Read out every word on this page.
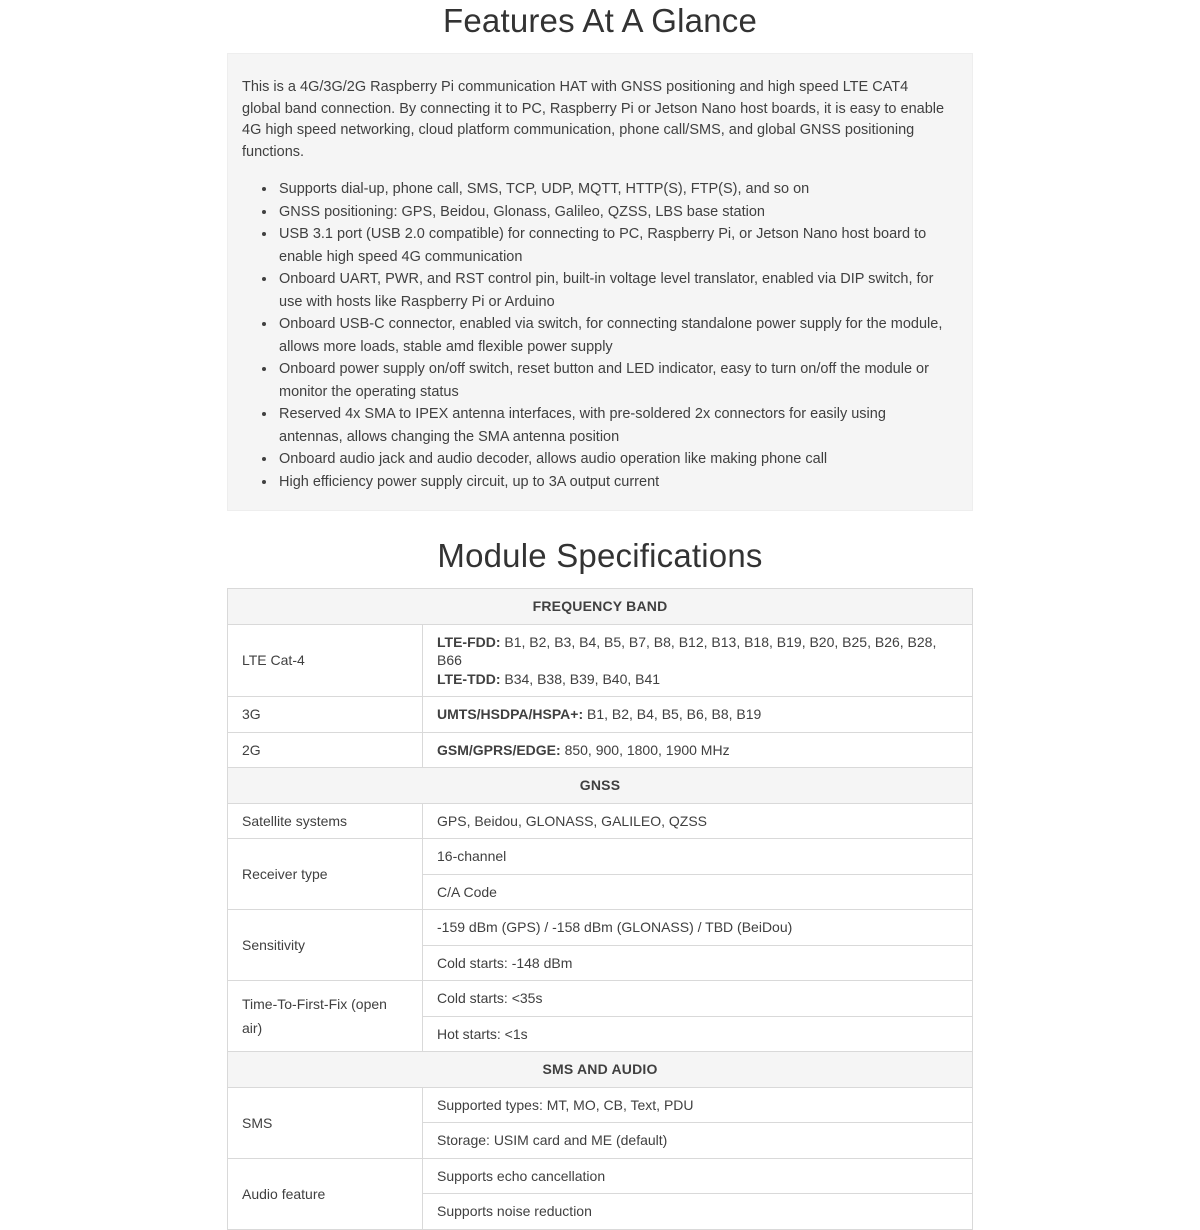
Features At A Glance

This is a 4G/3G/2G Raspberry Pi communication HAT with GNSS positioning and high speed LTE CAT4 global band connection. By connecting it to PC, Raspberry Pi or Jetson Nano host boards, it is easy to enable 4G high speed networking, cloud platform communication, phone call/SMS, and global GNSS positioning functions.

• Supports dial-up, phone call, SMS, TCP, UDP, MQTT, HTTP(S), FTP(S), and so on
• GNSS positioning: GPS, Beidou, Glonass, Galileo, QZSS, LBS base station
• USB 3.1 port (USB 2.0 compatible) for connecting to PC, Raspberry Pi, or Jetson Nano host board to enable high speed 4G communication
• Onboard UART, PWR, and RST control pin, built-in voltage level translator, enabled via DIP switch, for use with hosts like Raspberry Pi or Arduino
• Onboard USB-C connector, enabled via switch, for connecting standalone power supply for the module, allows more loads, stable amd flexible power supply
• Onboard power supply on/off switch, reset button and LED indicator, easy to turn on/off the module or monitor the operating status
• Reserved 4x SMA to IPEX antenna interfaces, with pre-soldered 2x connectors for easily using antennas, allows changing the SMA antenna position
• Onboard audio jack and audio decoder, allows audio operation like making phone call
• High efficiency power supply circuit, up to 3A output current
Module Specifications
FREQUENCY BAND	
LTE Cat-4	LTE-FDD: B1, B2, B3, B4, B5, B7, B8, B12, B13, B18, B19, B20, B25, B26, B28, B66
LTE-TDD: B34, B38, B39, B40, B41

3G	UMTS/HSDPA/HSPA+: B1, B2, B4, B5, B6, B8, B19
2G	GSM/GPRS/EDGE: 850, 900, 1800, 1900 MHz
GNSS	
Satellite systems	GPS, Beidou, GLONASS, GALILEO, QZSS
Receiver type	16-channel
	C/A Code
Sensitivity	-159 dBm (GPS) / -158 dBm (GLONASS) / TBD (BeiDou)
	Cold starts: -148 dBm
Time-To-First-Fix (open air)	Cold starts: <35s
	Hot starts: <1s
SMS AND AUDIO	
SMS	Supported types: MT, MO, CB, Text, PDU
	Storage: USIM card and ME (default)
Audio feature	Supports echo cancellation
	Supports noise reduction
